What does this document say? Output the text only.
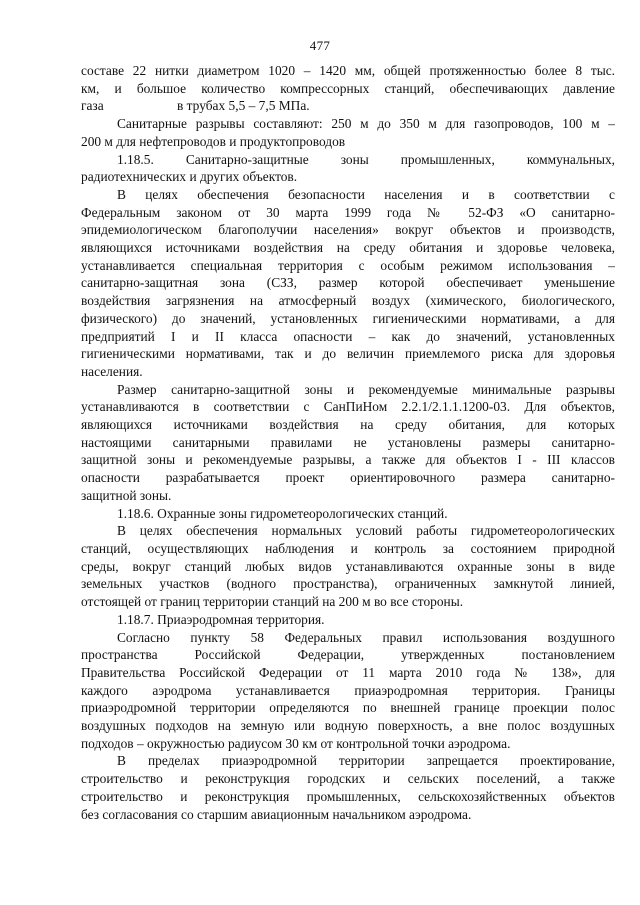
477
составе 22 нитки диаметром 1020 – 1420 мм, общей протяженностью более 8 тыс.
км, и большое количество компрессорных станций, обеспечивающих давление
газа	в трубах 5,5 – 7,5 МПа.
Санитарные разрывы составляют: 250 м до 350 м для газопроводов, 100 м –
200 м для нефтепроводов и продуктопроводов
1.18.5. Санитарно-защитные зоны промышленных, коммунальных,
радиотехнических и других объектов.
В целях обеспечения безопасности населения и в соответствии с
Федеральным законом от 30 марта 1999 года № 52-ФЗ «О санитарно-
эпидемиологическом благополучии населения» вокруг объектов и производств,
являющихся источниками воздействия на среду обитания и здоровье человека,
устанавливается специальная территория с особым режимом использования –
санитарно-защитная зона (СЗЗ, размер которой обеспечивает уменьшение
воздействия загрязнения на атмосферный воздух (химического, биологического,
физического) до значений, установленных гигиеническими нормативами, а для
предприятий I и II класса опасности – как до значений, установленных
гигиеническими нормативами, так и до величин приемлемого риска для здоровья
населения.
Размер санитарно-защитной зоны и рекомендуемые минимальные разрывы
устанавливаются в соответствии с СанПиНом 2.2.1/2.1.1.1200-03. Для объектов,
являющихся источниками воздействия на среду обитания, для которых
настоящими санитарными правилами не установлены размеры санитарно-
защитной зоны и рекомендуемые разрывы, а также для объектов I - III классов
опасности разрабатывается проект ориентировочного размера санитарно-
защитной зоны.
1.18.6. Охранные зоны гидрометеорологических станций.
В целях обеспечения нормальных условий работы гидрометеорологических
станций, осуществляющих наблюдения и контроль за состоянием природной
среды, вокруг станций любых видов устанавливаются охранные зоны в виде
земельных участков (водного пространства), ограниченных замкнутой линией,
отстоящей от границ территории станций на 200 м во все стороны.
1.18.7. Приаэродромная территория.
Согласно пункту 58 Федеральных правил использования воздушного
пространства Российской Федерации, утвержденных постановлением
Правительства Российской Федерации от 11 марта 2010 года № 138», для
каждого аэродрома устанавливается приаэродромная территория. Границы
приаэродромной территории определяются по внешней границе проекции полос
воздушных подходов на земную или водную поверхность, а вне полос воздушных
подходов – окружностью радиусом 30 км от контрольной точки аэродрома.
В пределах приаэродромной территории запрещается проектирование,
строительство и реконструкция городских и сельских поселений, а также
строительство и реконструкция промышленных, сельскохозяйственных объектов
без согласования со старшим авиационным начальником аэродрома.
